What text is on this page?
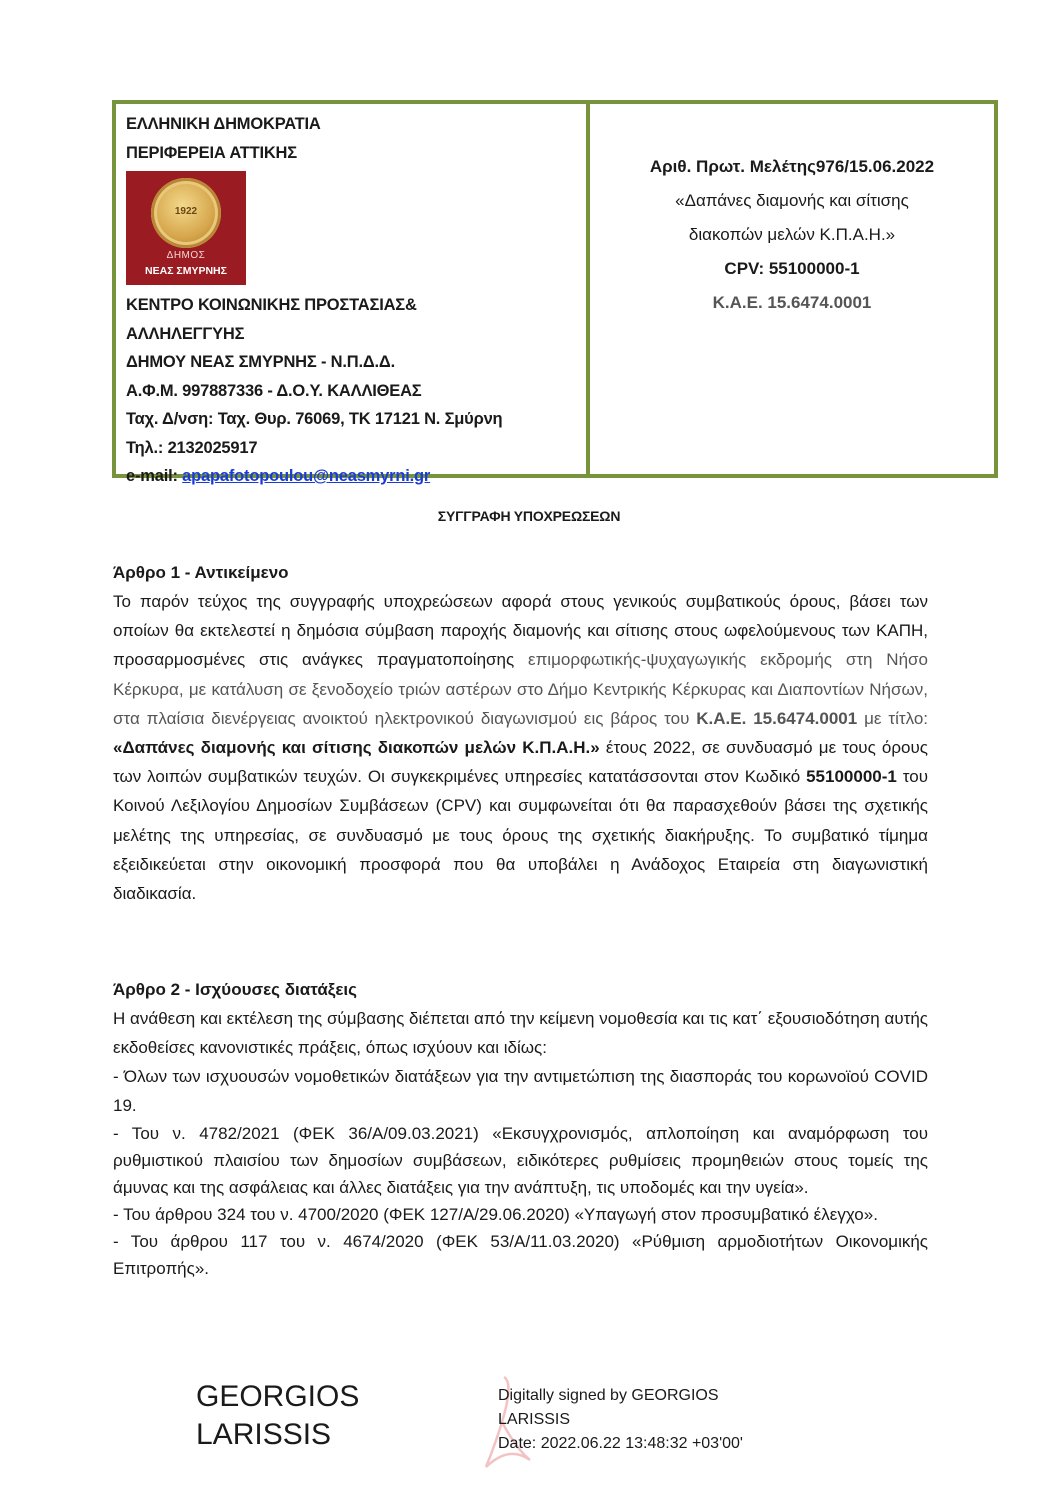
ΕΛΛΗΝΙΚΗ ΔΗΜΟΚΡΑΤΙΑ
ΠΕΡΙΦΕΡΕΙΑ ΑΤΤΙΚΗΣ
1922
ΔΗΜΟΣ
ΝΕΑΣ ΣΜΥΡΝΗΣ
ΚΕΝΤΡΟ ΚΟΙΝΩΝΙΚΗΣ ΠΡΟΣΤΑΣΙΑΣ&
ΑΛΛΗΛΕΓΓΥΗΣ
ΔΗΜΟΥ ΝΕΑΣ ΣΜΥΡΝΗΣ - Ν.Π.Δ.Δ.
Α.Φ.Μ. 997887336 - Δ.Ο.Υ. ΚΑΛΛΙΘΕΑΣ
Ταχ. Δ/νση: Ταχ. Θυρ. 76069, ΤΚ 17121 Ν. Σμύρνη
Τηλ.: 2132025917
e-mail: apapafotopoulou@neasmyrni.gr
Αριθ. Πρωτ. Μελέτης976/15.06.2022
«Δαπάνες διαμονής και σίτισης
διακοπών μελών Κ.Π.Α.Η.»
CPV: 55100000-1
Κ.Α.Ε. 15.6474.0001
ΣΥΓΓΡΑΦΗ ΥΠΟΧΡΕΩΣΕΩΝ
Άρθρο 1 - Αντικείμενο

Το παρόν τεύχος της συγγραφής υποχρεώσεων αφορά στους γενικούς συμβατικούς όρους, βάσει των οποίων θα εκτελεστεί η δημόσια σύμβαση παροχής διαμονής και σίτισης στους ωφελούμενους των ΚΑΠΗ, προσαρμοσμένες στις ανάγκες πραγματοποίησης επιμορφωτικής-ψυχαγωγικής εκδρομής στη Νήσο Κέρκυρα, με κατάλυση σε ξενοδοχείο τριών αστέρων στο Δήμο Κεντρικής Κέρκυρας και Διαποντίων Νήσων, στα πλαίσια διενέργειας ανοικτού ηλεκτρονικού διαγωνισμού εις βάρος του Κ.Α.Ε. 15.6474.0001 με τίτλο: «Δαπάνες διαμονής και σίτισης διακοπών μελών Κ.Π.Α.Η.» έτους 2022, σε συνδυασμό με τους όρους των λοιπών συμβατικών τευχών. Οι συγκεκριμένες υπηρεσίες κατατάσσονται στον Κωδικό 55100000-1 του Κοινού Λεξιλογίου Δημοσίων Συμβάσεων (CPV) και συμφωνείται ότι θα παρασχεθούν βάσει της σχετικής μελέτης της υπηρεσίας, σε συνδυασμό με τους όρους της σχετικής διακήρυξης. Το συμβατικό τίμημα εξειδικεύεται στην οικονομική προσφορά που θα υποβάλει η Ανάδοχος Εταιρεία στη διαγωνιστική διαδικασία.

Άρθρο 2 - Ισχύουσες διατάξεις

Η ανάθεση και εκτέλεση της σύμβασης διέπεται από την κείμενη νομοθεσία και τις κατ΄ εξουσιοδότηση αυτής εκδοθείσες κανονιστικές πράξεις, όπως ισχύουν και ιδίως:

- Όλων των ισχυουσών νομοθετικών διατάξεων για την αντιμετώπιση της διασποράς του κορωνοϊού COVID 19.

- Του ν. 4782/2021 (ΦΕΚ 36/Α/09.03.2021) «Εκσυγχρονισμός, απλοποίηση και αναμόρφωση του ρυθμιστικού πλαισίου των δημοσίων συμβάσεων, ειδικότερες ρυθμίσεις προμηθειών στους τομείς της άμυνας και της ασφάλειας και άλλες διατάξεις για την ανάπτυξη, τις υποδομές και την υγεία».

- Του άρθρου 324 του ν. 4700/2020 (ΦΕΚ 127/Α/29.06.2020) «Υπαγωγή στον προσυμβατικό έλεγχο».

- Του άρθρου 117 του ν. 4674/2020 (ΦΕΚ 53/Α/11.03.2020) «Ρύθμιση αρμοδιοτήτων Οικονομικής Επιτροπής».

GEORGIOS
LARISSIS
Digitally signed by GEORGIOS
LARISSIS
Date: 2022.06.22 13:48:32 +03'00'
